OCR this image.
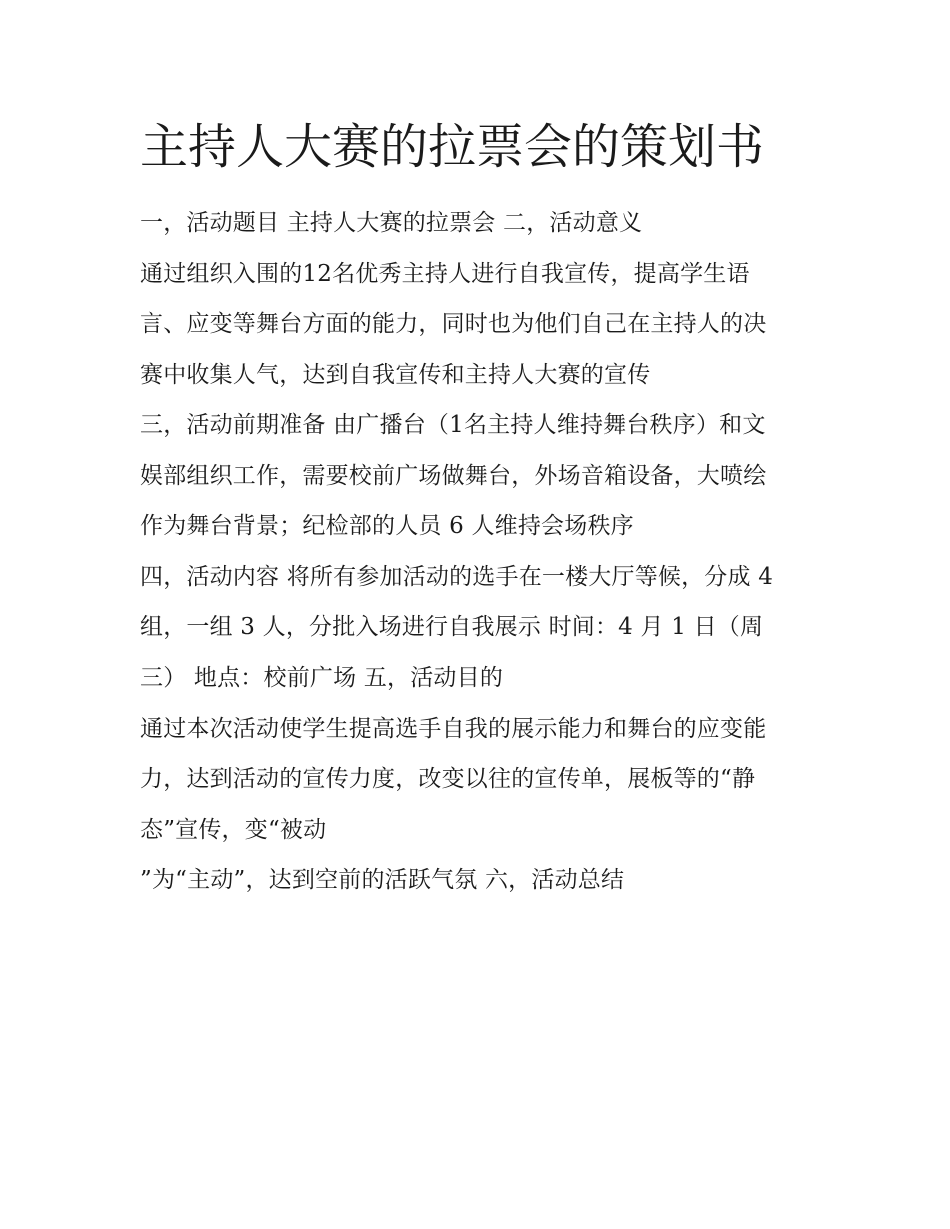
主持人大赛的拉票会的策划书
一，活动题目 主持人大赛的拉票会 二，活动意义
通过组织入围的12名优秀主持人进行自我宣传，提高学生语
言、应变等舞台方面的能力，同时也为他们自己在主持人的决
赛中收集人气，达到自我宣传和主持人大赛的宣传
三，活动前期准备 由广播台（1名主持人维持舞台秩序）和文
娱部组织工作，需要校前广场做舞台，外场音箱设备，大喷绘
作为舞台背景；纪检部的人员 6 人维持会场秩序
四，活动内容 将所有参加活动的选手在一楼大厅等候，分成 4
组，一组 3 人，分批入场进行自我展示 时间：4 月 1 日（周
三） 地点：校前广场 五，活动目的
通过本次活动使学生提高选手自我的展示能力和舞台的应变能
力，达到活动的宣传力度，改变以往的宣传单，展板等的“静
态”宣传，变“被动
”为“主动”，达到空前的活跃气氛 六，活动总结
